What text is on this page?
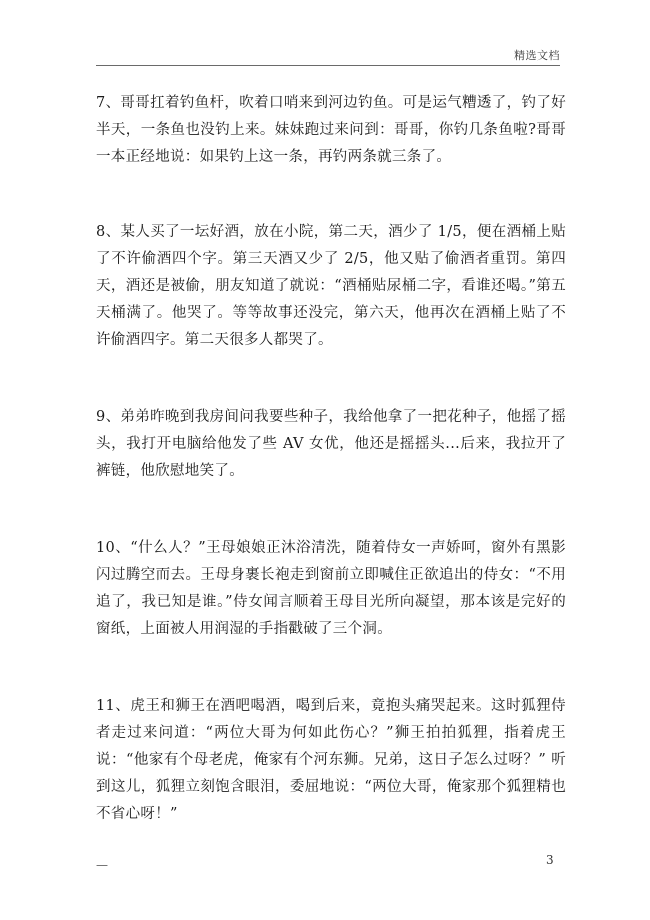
精选文档

7、哥哥扛着钓鱼杆，吹着口哨来到河边钓鱼。可是运气糟透了，钓了好半天，一条鱼也没钓上来。妹妹跑过来问到：哥哥，你钓几条鱼啦?哥哥一本正经地说：如果钓上这一条，再钓两条就三条了。

8、某人买了一坛好酒，放在小院，第二天，酒少了 1/5，便在酒桶上贴了不许偷酒四个字。第三天酒又少了 2/5，他又贴了偷酒者重罚。第四天，酒还是被偷，朋友知道了就说：“酒桶贴尿桶二字，看谁还喝。”第五天桶满了。他哭了。等等故事还没完，第六天，他再次在酒桶上贴了不许偷酒四字。第二天很多人都哭了。

9、弟弟昨晚到我房间问我要些种子，我给他拿了一把花种子，他摇了摇头，我打开电脑给他发了些 AV 女优，他还是摇摇头...后来，我拉开了裤链，他欣慰地笑了。

10、“什么人？”王母娘娘正沐浴清洗，随着侍女一声娇呵，窗外有黑影闪过腾空而去。王母身裹长袍走到窗前立即喊住正欲追出的侍女：“不用追了，我已知是谁。”侍女闻言顺着王母目光所向凝望，那本该是完好的窗纸，上面被人用润湿的手指戳破了三个洞。

11、虎王和狮王在酒吧喝酒，喝到后来，竟抱头痛哭起来。这时狐狸侍者走过来问道：“两位大哥为何如此伤心？”狮王拍拍狐狸，指着虎王说：“他家有个母老虎，俺家有个河东狮。兄弟，这日子怎么过呀？” 听到这儿，狐狸立刻饱含眼泪，委屈地说：“两位大哥，俺家那个狐狸精也不省心呀！”

—	3
